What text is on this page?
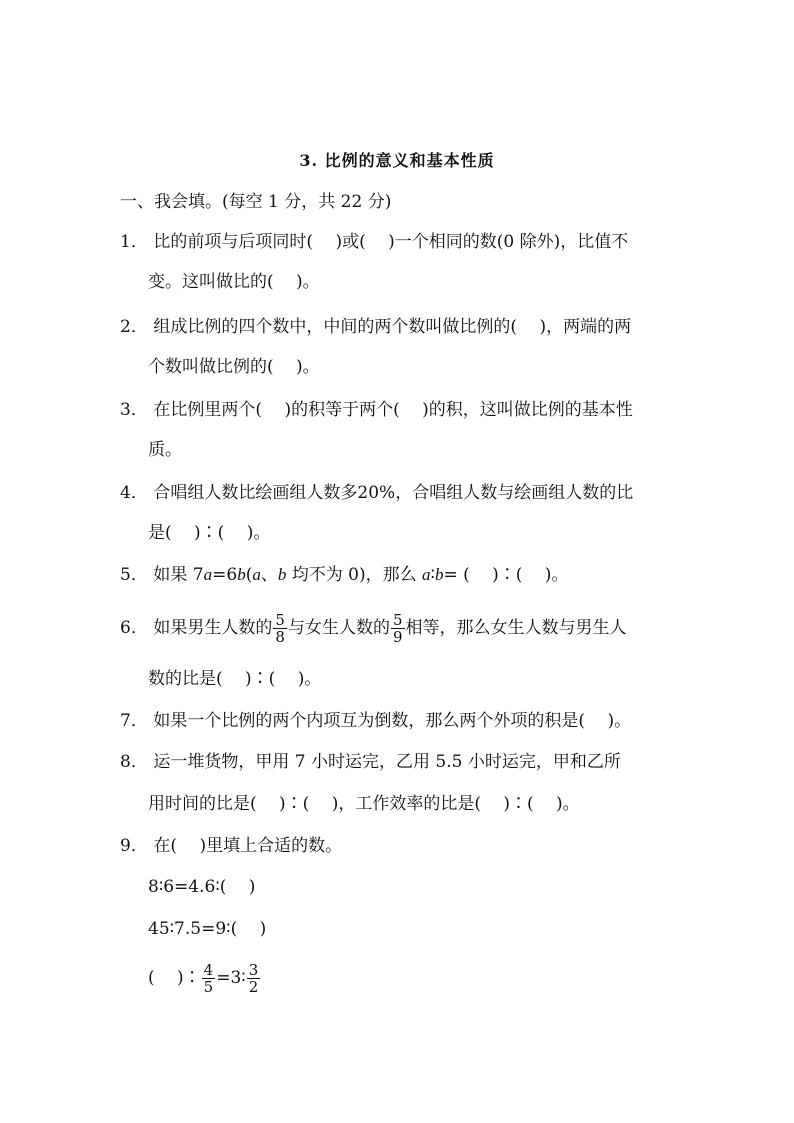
3. 比例的意义和基本性质
一、我会填。(每空 1 分，共 22 分)
1． 比的前项与后项同时(　 )或(　 )一个相同的数(0 除外)，比值不
变。这叫做比的(　 )。
2． 组成比例的四个数中，中间的两个数叫做比例的(　 )，两端的两
个数叫做比例的(　 )。
3． 在比例里两个(　 )的积等于两个(　 )的积，这叫做比例的基本性
质。
4． 合唱组人数比绘画组人数多20%，合唱组人数与绘画组人数的比
是(　 )∶(　 )。
5． 如果 7a=6b(a、b 均不为 0)，那么 a∶b= (　 )∶(　 )。
6． 如果男生人数的 $\frac{5}{8}$ 与女生人数的 $\frac{5}{9}$ 相等，那么女生人数与男生人
数的比是(　 )∶(　 )。
7． 如果一个比例的两个内项互为倒数，那么两个外项的积是(　 )。
8． 运一堆货物，甲用 7 小时运完，乙用 5.5 小时运完，甲和乙所
用时间的比是(　 )∶(　 )，工作效率的比是(　 )∶(　 )。
9． 在(　 )里填上合适的数。
8∶6=4.6∶(　 )
45∶7.5=9∶(　 )
(　 )∶ $\frac{4}{5}$ =3∶ $\frac{3}{2}$
